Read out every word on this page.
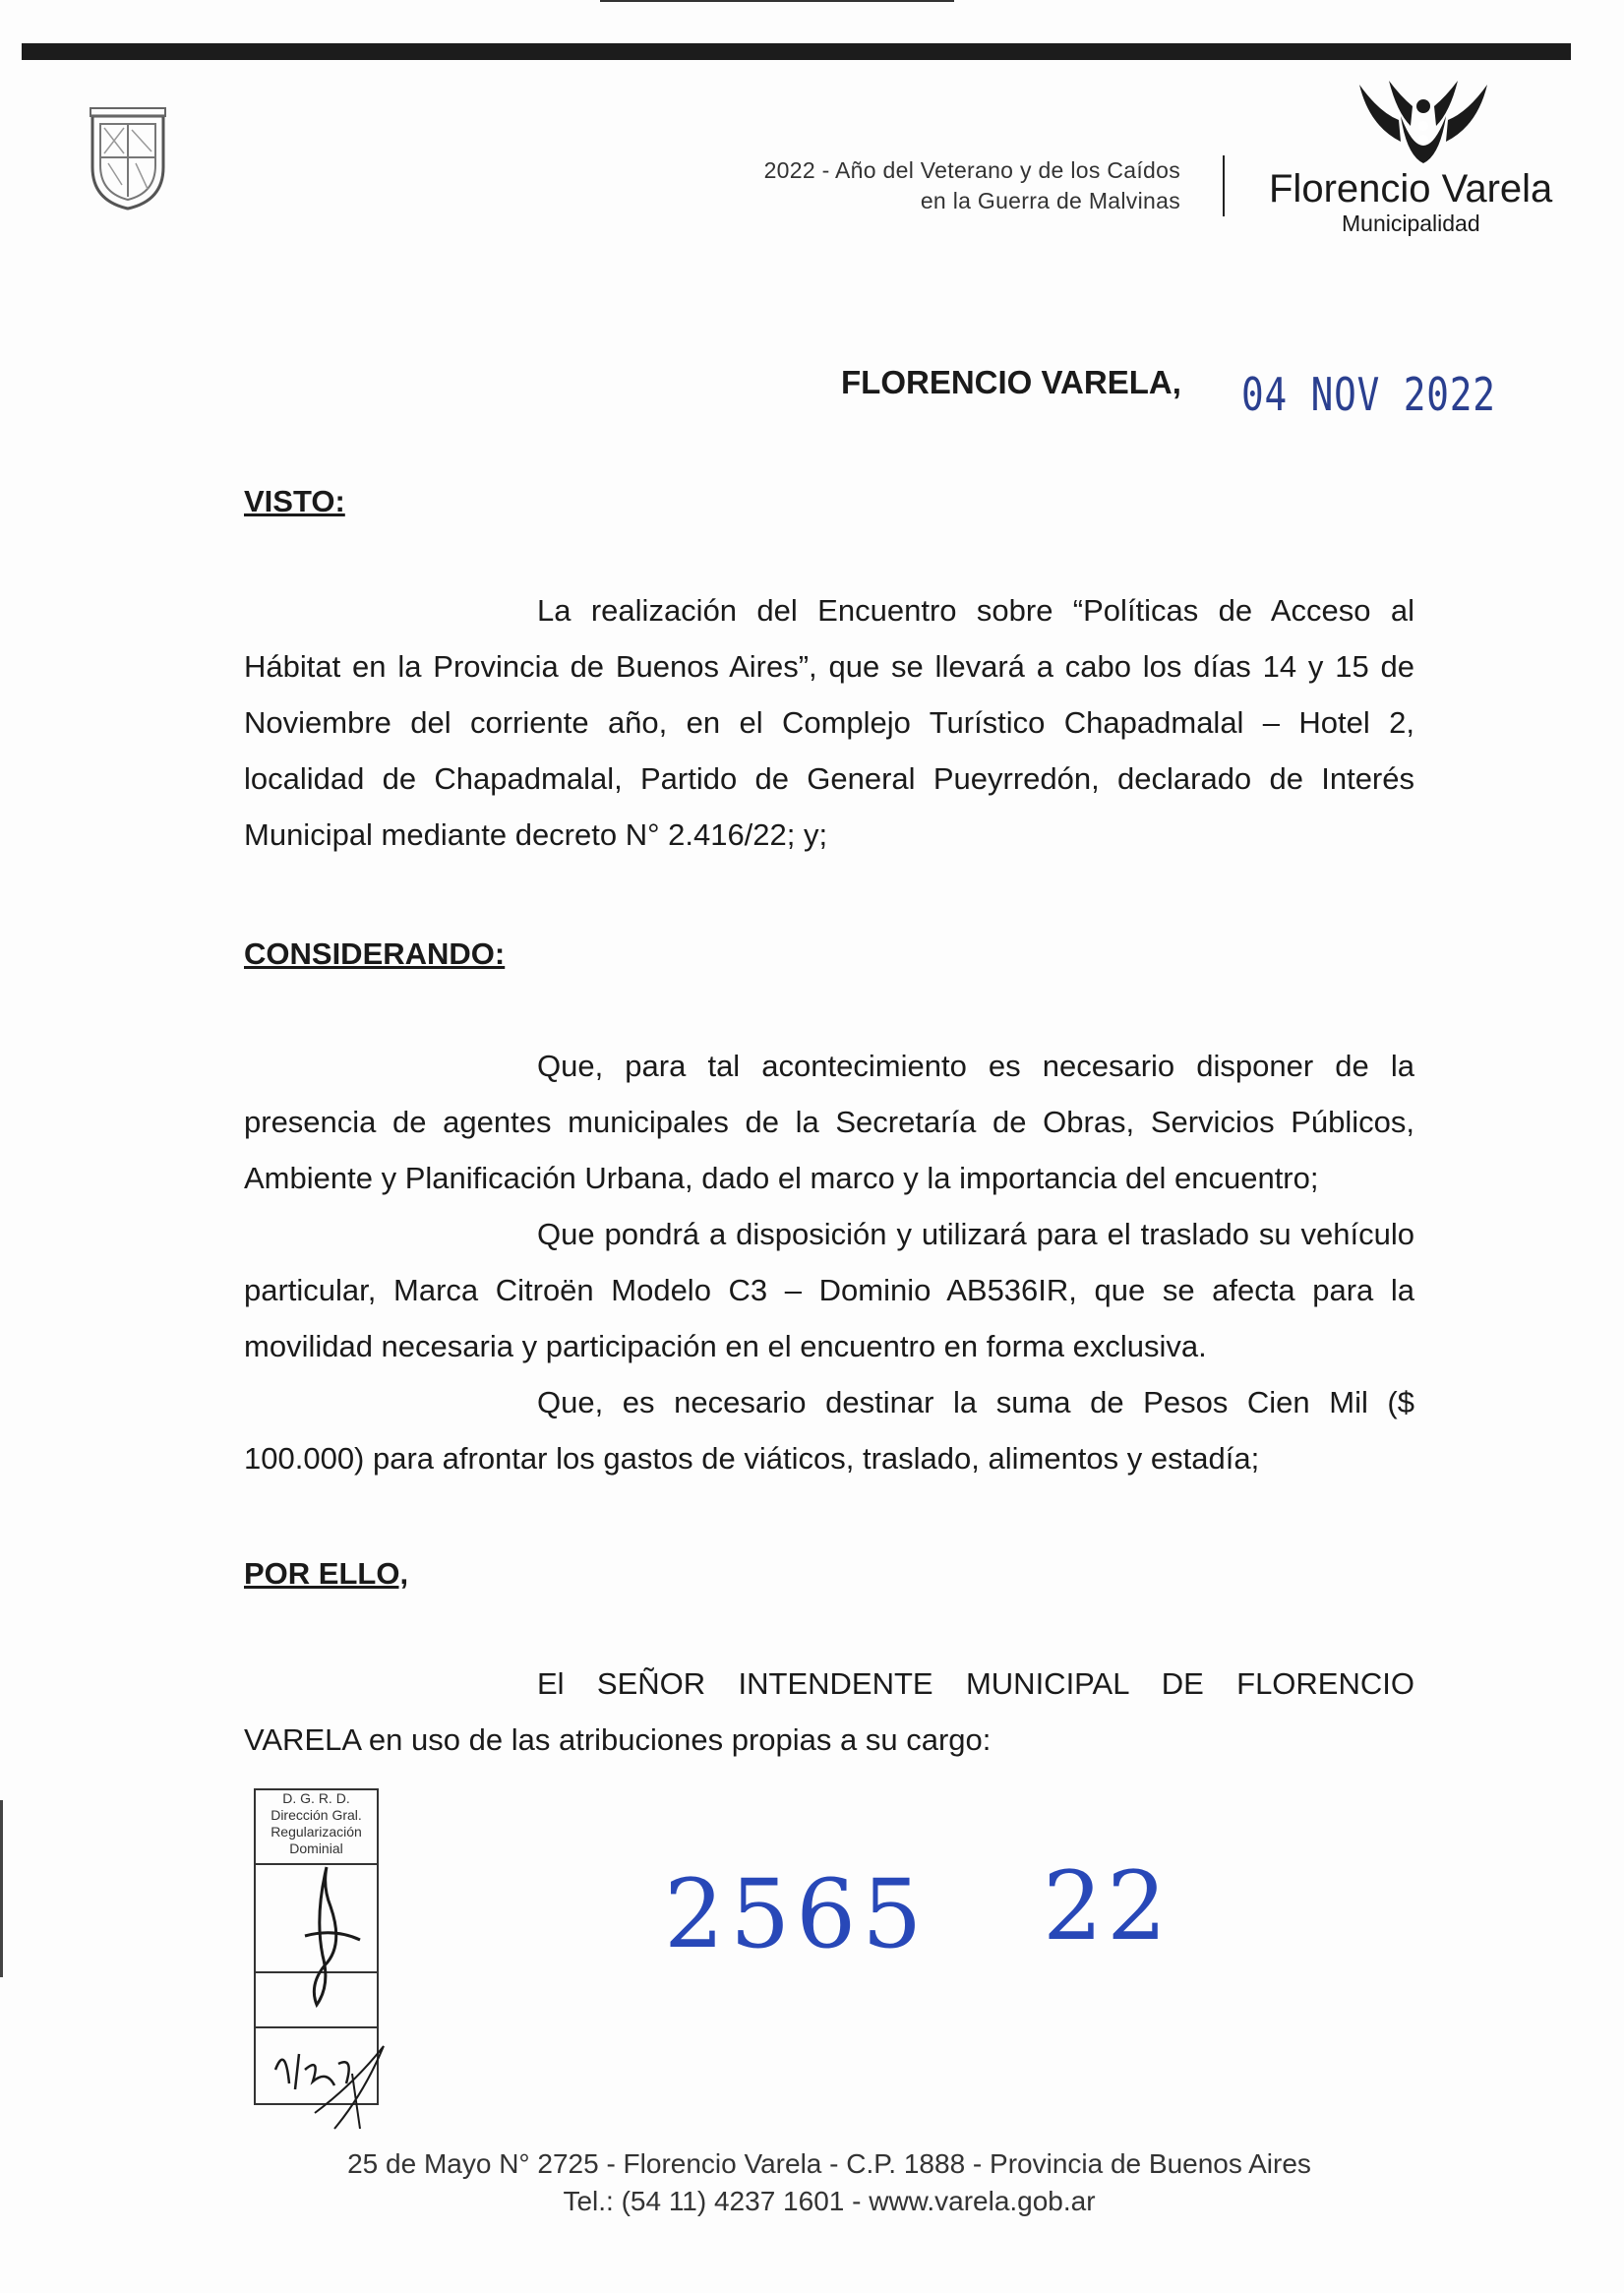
2022 - Año del Veterano y de los Caídos
en la Guerra de Malvinas Florencio Varela
Municipalidad
FLORENCIO VARELA, 04 NOV 2022
VISTO:
La realización del Encuentro sobre “Políticas de Acceso al Hábitat en la Provincia de Buenos Aires”, que se llevará a cabo los días 14 y 15 de Noviembre del corriente año, en el Complejo Turístico Chapadmalal – Hotel 2, localidad de Chapadmalal, Partido de General Pueyrredón, declarado de Interés Municipal mediante decreto N° 2.416/22; y;
CONSIDERANDO:
Que, para tal acontecimiento es necesario disponer de la presencia de agentes municipales de la Secretaría de Obras, Servicios Públicos, Ambiente y Planificación Urbana, dado el marco y la importancia del encuentro;
Que pondrá a disposición y utilizará para el traslado su vehículo particular, Marca Citroën Modelo C3 – Dominio AB536IR, que se afecta para la movilidad necesaria y participación en el encuentro en forma exclusiva.
Que, es necesario destinar la suma de Pesos Cien Mil ($ 100.000) para afrontar los gastos de viáticos, traslado, alimentos y estadía;
POR ELLO,
El SEÑOR INTENDENTE MUNICIPAL DE FLORENCIO VARELA en uso de las atribuciones propias a su cargo:
D. G. R. D.
Dirección Gral.
Regularización
Dominial
2565 22
25 de Mayo N° 2725 - Florencio Varela - C.P. 1888 - Provincia de Buenos Aires
Tel.: (54 11) 4237 1601 - www.varela.gob.ar
